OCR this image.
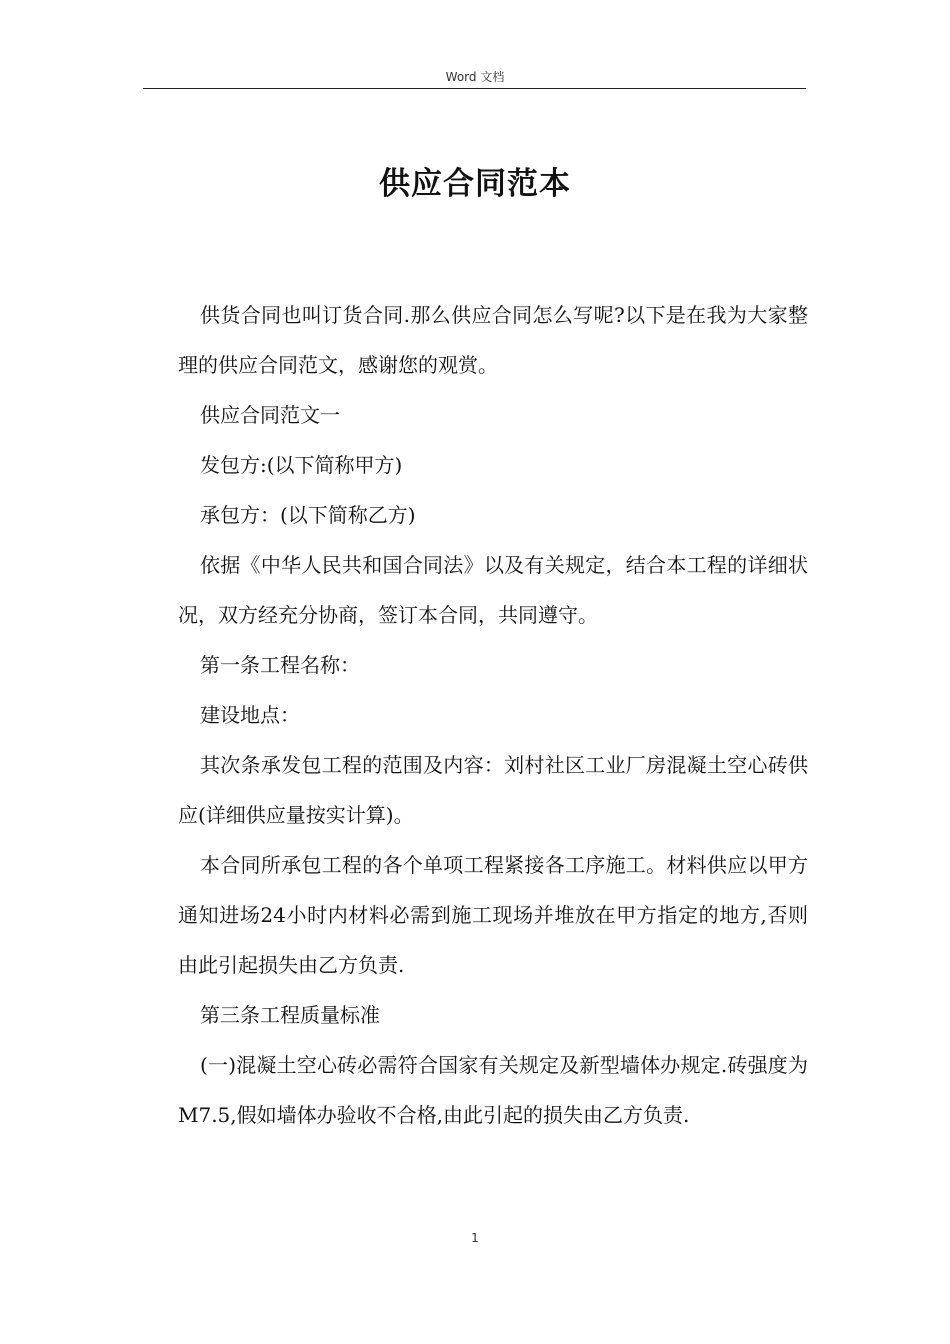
Word 文档
供应合同范本

供货合同也叫订货合同.那么供应合同怎么写呢?以下是在我为大家整理的供应合同范文，感谢您的观赏。

供应合同范文一

发包方:(以下简称甲方)

承包方：(以下简称乙方)

依据《中华人民共和国合同法》以及有关规定，结合本工程的详细状况，双方经充分协商，签订本合同，共同遵守。

第一条工程名称：

建设地点：

其次条承发包工程的范围及内容：刘村社区工业厂房混凝土空心砖供应(详细供应量按实计算)。

本合同所承包工程的各个单项工程紧接各工序施工。材料供应以甲方通知进场24小时内材料必需到施工现场并堆放在甲方指定的地方,否则由此引起损失由乙方负责.

第三条工程质量标准

(一)混凝土空心砖必需符合国家有关规定及新型墙体办规定.砖强度为M7.5,假如墙体办验收不合格,由此引起的损失由乙方负责.

1
